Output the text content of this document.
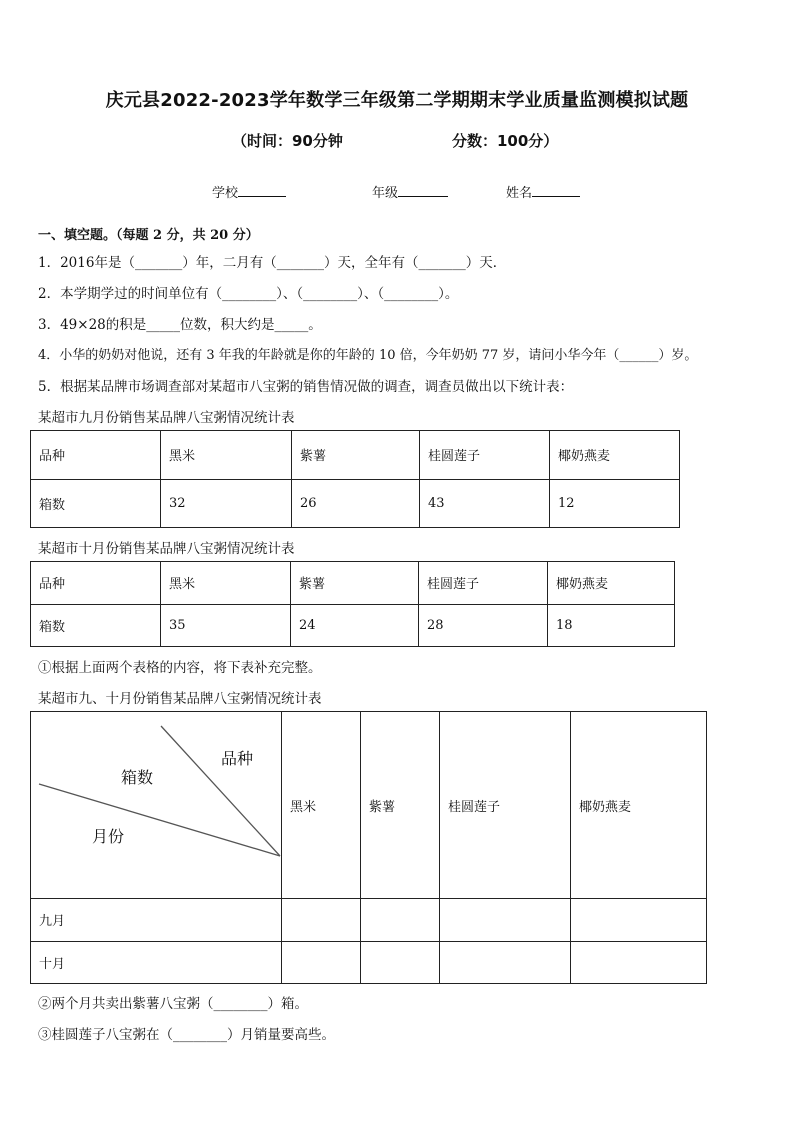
庆元县2022-2023学年数学三年级第二学期期末学业质量监测模拟试题
（时间：90分钟	分数：100分）
学校	年级	姓名
一、填空题。（每题 2 分，共 20 分）
1．2016年是（_______）年，二月有（_______）天，全年有（_______）天．
2．本学期学过的时间单位有（________）、（________）、（________）。
3．49×28的积是_____位数，积大约是_____。
4．小华的奶奶对他说，还有 3 年我的年龄就是你的年龄的 10 倍，今年奶奶 77 岁，请问小华今年（______）岁。
5．根据某品牌市场调查部对某超市八宝粥的销售情况做的调查，调查员做出以下统计表：
某超市九月份销售某品牌八宝粥情况统计表
品种	黑米	紫薯	桂圆莲子	椰奶燕麦
箱数	32	26	43	12
某超市十月份销售某品牌八宝粥情况统计表
品种	黑米	紫薯	桂圆莲子	椰奶燕麦
箱数	35	24	28	18
①根据上面两个表格的内容，将下表补充完整。
某超市九、十月份销售某品牌八宝粥情况统计表
品种
箱数
月份	黑米	紫薯	桂圆莲子	椰奶燕麦
九月				
十月				
②两个月共卖出紫薯八宝粥（________）箱。
③桂圆莲子八宝粥在（________）月销量要高些。
